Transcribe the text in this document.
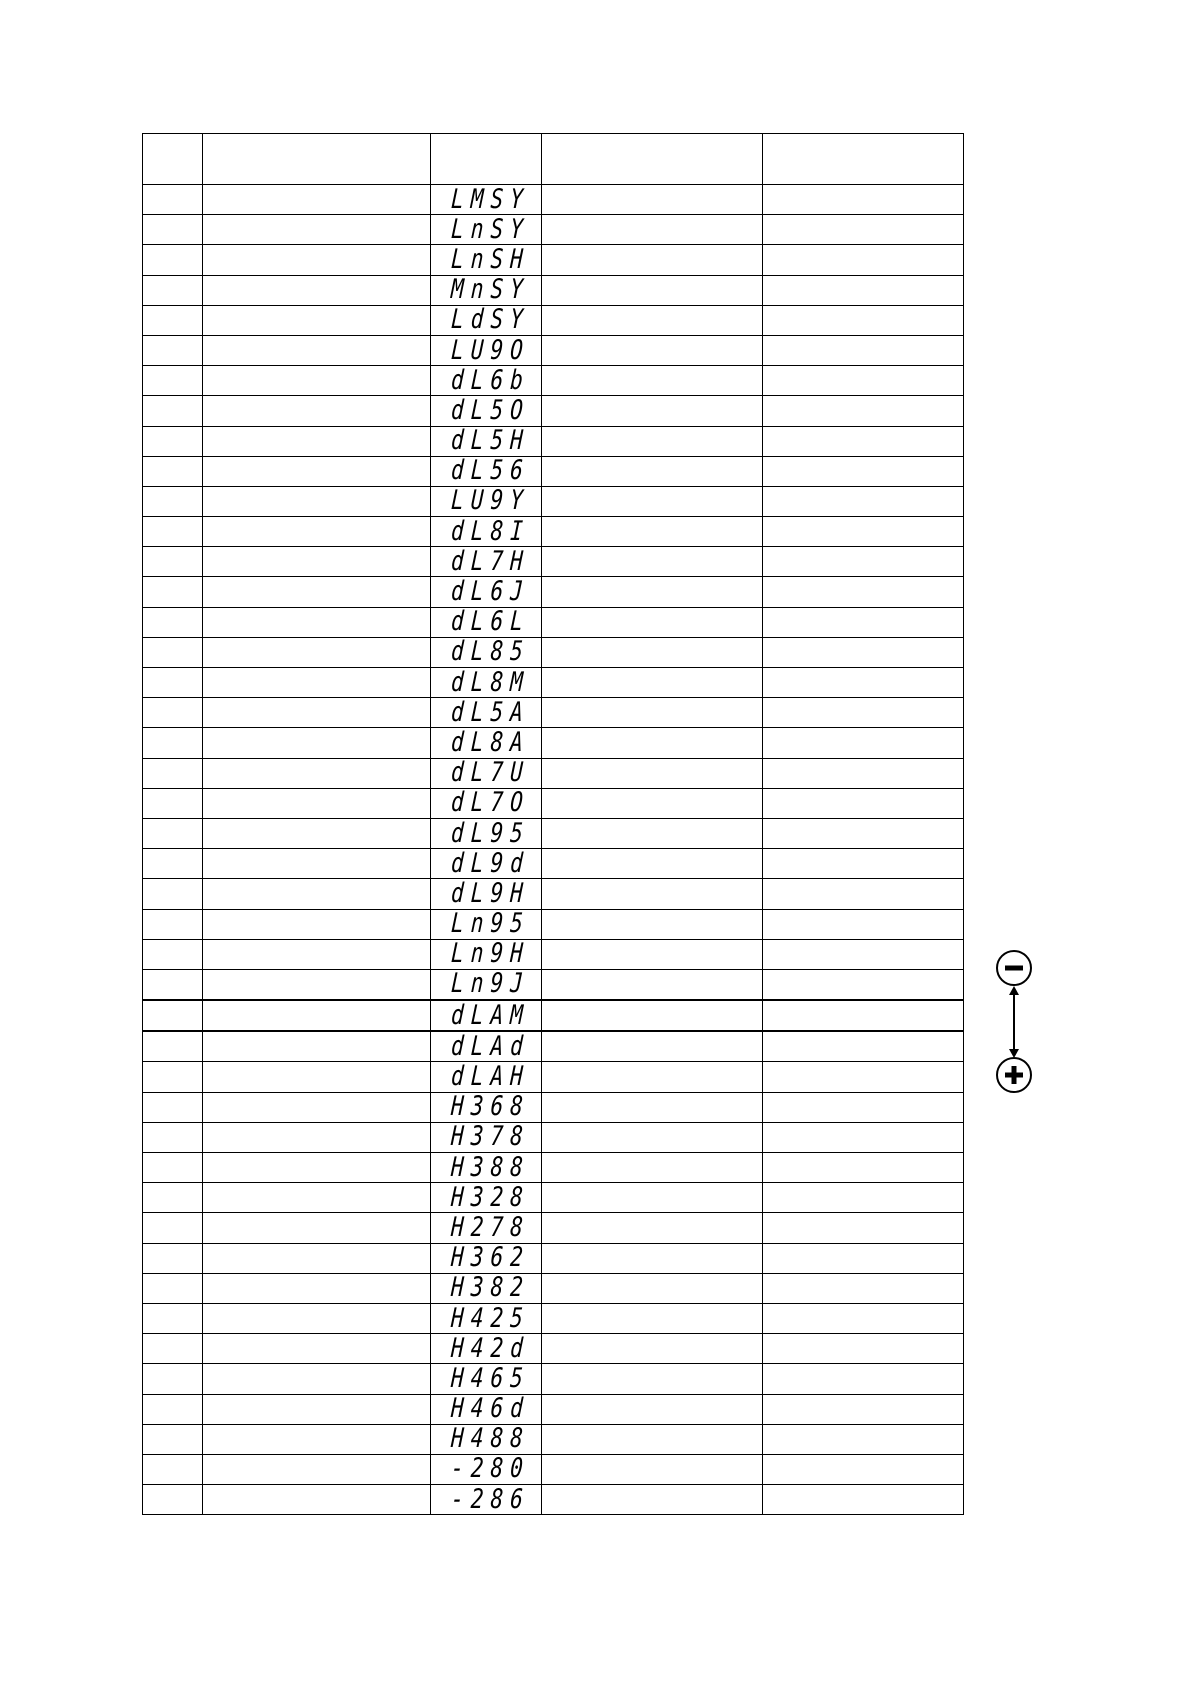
		LMSY		
		LnSY		
		LnSH		
		MnSY		
		LdSY		
		LU9O		
		dL6b		
		dL5O		
		dL5H		
		dL56		
		LU9Y		
		dL8I		
		dL7H		
		dL6J		
		dL6L		
		dL85		
		dL8M		
		dL5A		
		dL8A		
		dL7U		
		dL7O		
		dL95		
		dL9d		
		dL9H		
		Ln95		
		Ln9H		
		Ln9J		
		dLAM		
		dLAd		
		dLAH		
		H368		
		H378		
		H388		
		H328		
		H278		
		H362		
		H382		
		H425		
		H42d		
		H465		
		H46d		
		H488		
		-280		
		-286		
